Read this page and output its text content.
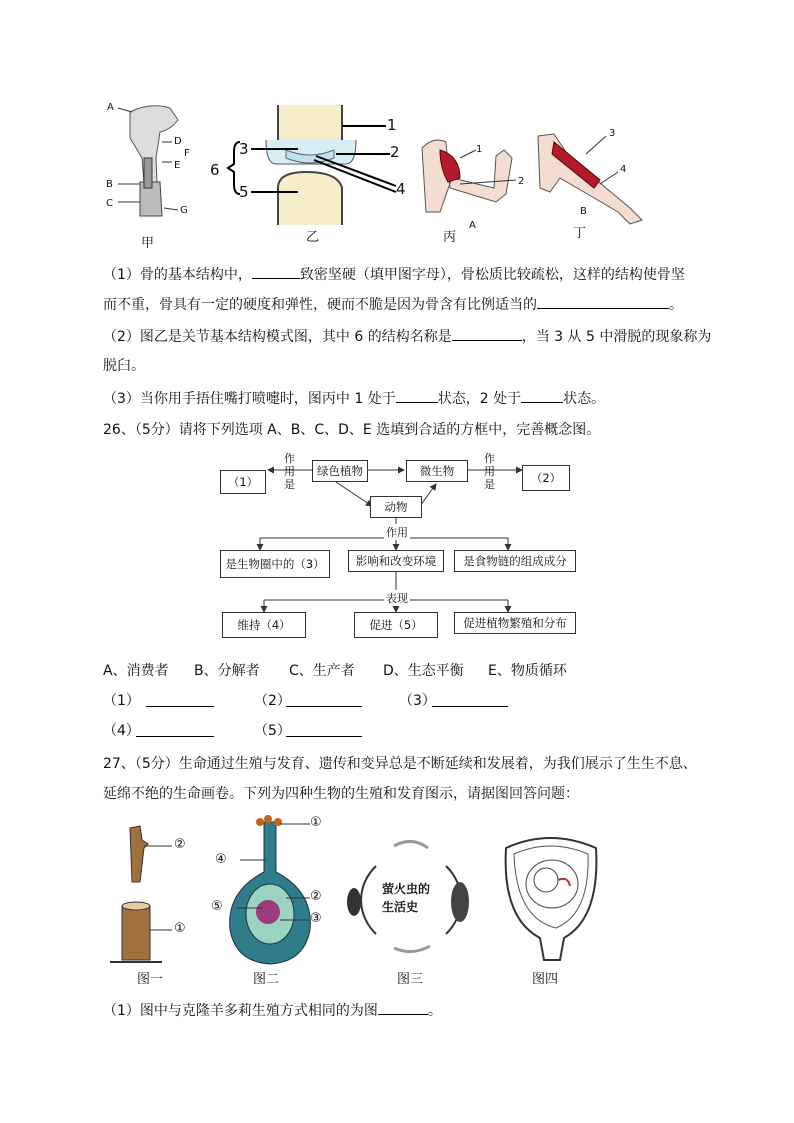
A
D
F
E
B
C
G
甲
3
6
5
1
2
4
乙
1
2
A
丙
3
4
B
丁
（1）骨的基本结构中，	致密坚硬（填甲图字母），骨松质比较疏松，这样的结构使骨坚
而不重，骨具有一定的硬度和弹性，硬而不脆是因为骨含有比例适当的	。
（2）图乙是关节基本结构模式图，其中 6 的结构名称是	，当 3 从 5 中滑脱的现象称为
脱臼。
（3）当你用手捂住嘴打喷嚏时，图丙中 1 处于	状态，2 处于	状态。
26、（5分）请将下列选项 A、B、C、D、E 选填到合适的方框中，完善概念图。
（1）
绿色植物	微生物	（2）
动物
作
用
是
作
用
是
作用
是生物圈中的（3）	影响和改变环境	是食物链的组成成分
表现
维持（4）	促进（5）	促进植物繁殖和分布
A、消费者 B、分解者 C、生产者 D、生态平衡 E、物质循环
（1）	（2）	（3）
（4）	（5）
27、（5分）生命通过生殖与发育、遗传和变异总是不断延续和发展着，为我们展示了生生不息、
延绵不绝的生命画卷。下列为四种生物的生殖和发育图示，请据图回答问题：
②
①
图一
①
④
②
⑤
③
图二
萤火虫的
生活史
图三	图四
（1）图中与克隆羊多莉生殖方式相同的为图	。
